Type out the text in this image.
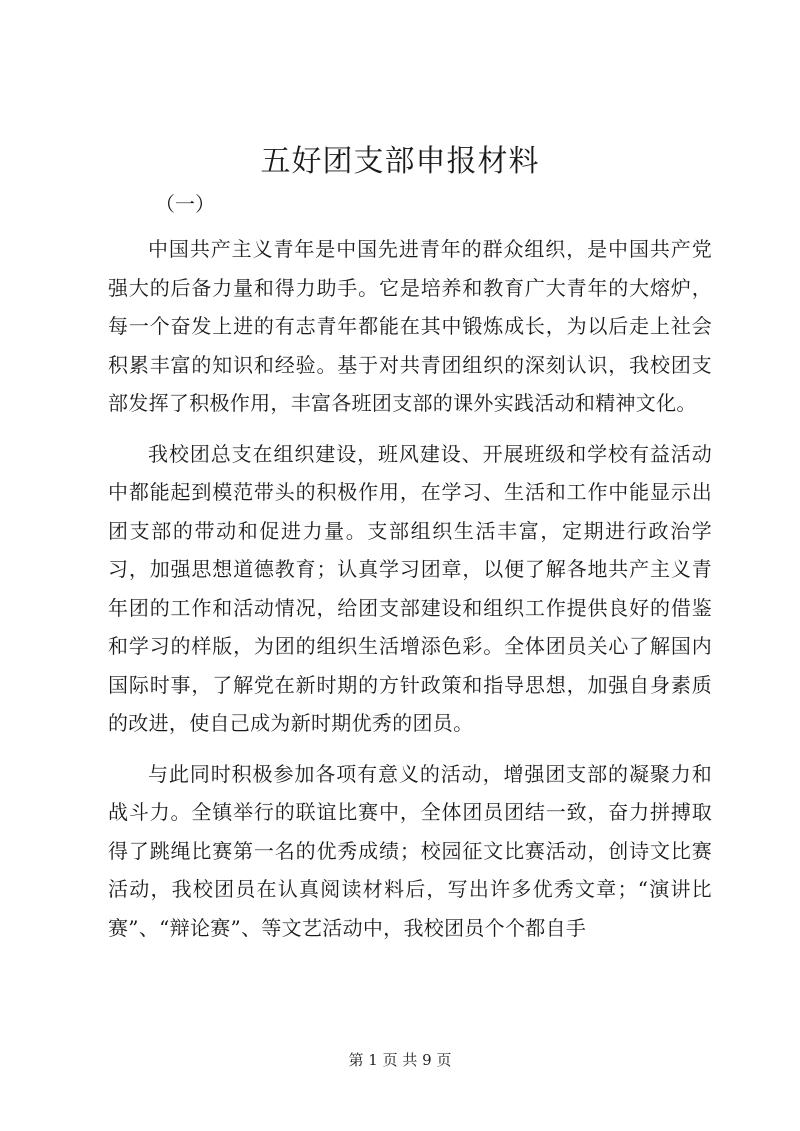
五好团支部申报材料
（一）

中国共产主义青年是中国先进青年的群众组织，是中国共产党强大的后备力量和得力助手。它是培养和教育广大青年的大熔炉，每一个奋发上进的有志青年都能在其中锻炼成长，为以后走上社会积累丰富的知识和经验。基于对共青团组织的深刻认识，我校团支部发挥了积极作用，丰富各班团支部的课外实践活动和精神文化。

我校团总支在组织建设，班风建设、开展班级和学校有益活动中都能起到模范带头的积极作用，在学习、生活和工作中能显示出团支部的带动和促进力量。支部组织生活丰富，定期进行政治学习，加强思想道德教育；认真学习团章，以便了解各地共产主义青年团的工作和活动情况，给团支部建设和组织工作提供良好的借鉴和学习的样版，为团的组织生活增添色彩。全体团员关心了解国内国际时事，了解党在新时期的方针政策和指导思想，加强自身素质的改进，使自己成为新时期优秀的团员。

与此同时积极参加各项有意义的活动，增强团支部的凝聚力和战斗力。全镇举行的联谊比赛中，全体团员团结一致，奋力拼搏取得了跳绳比赛第一名的优秀成绩；校园征文比赛活动，创诗文比赛活动，我校团员在认真阅读材料后，写出许多优秀文章；“演讲比赛”、“辩论赛”、等文艺活动中，我校团员个个都自手

第 1 页 共 9 页
